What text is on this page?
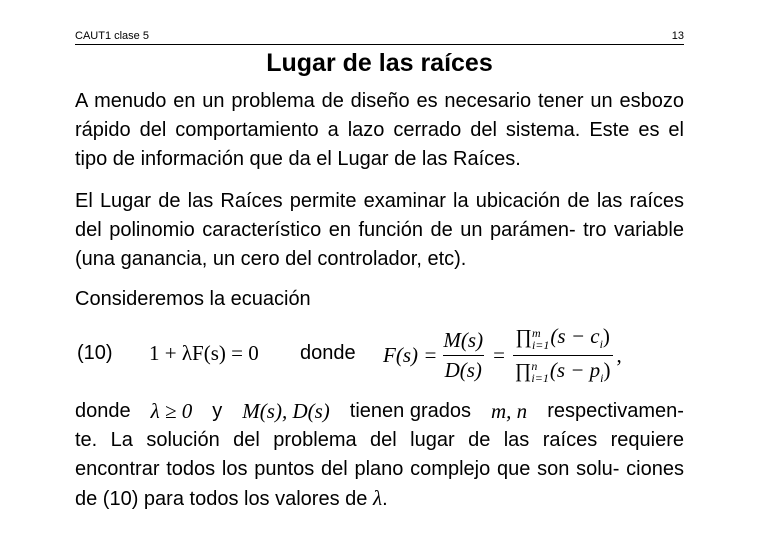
CAUT1 clase 5	13
Lugar de las raíces
A menudo en un problema de diseño es necesario tener un esbozo rápido del comportamiento a lazo cerrado del sistema. Este es el tipo de información que da el Lugar de las Raíces.
El Lugar de las Raíces permite examinar la ubicación de las raíces del polinomio característico en función de un parámen- tro variable (una ganancia, un cero del controlador, etc).
Consideremos la ecuación
(10) 1 + λF(s) = 0 donde $F(s) = \frac{M(s)}{D(s)}$ = ∏ m
i=1 $(s - c_i)$
∏ n
i=1 $(s - p_i)$ ,
donde λ ≥ 0 y M(s), D(s) tienen grados m, n respectivamen-
te. La solución del problema del lugar de las raíces requiere encontrar todos los puntos del plano complejo que son solu- ciones de (10) para todos los valores de λ.
